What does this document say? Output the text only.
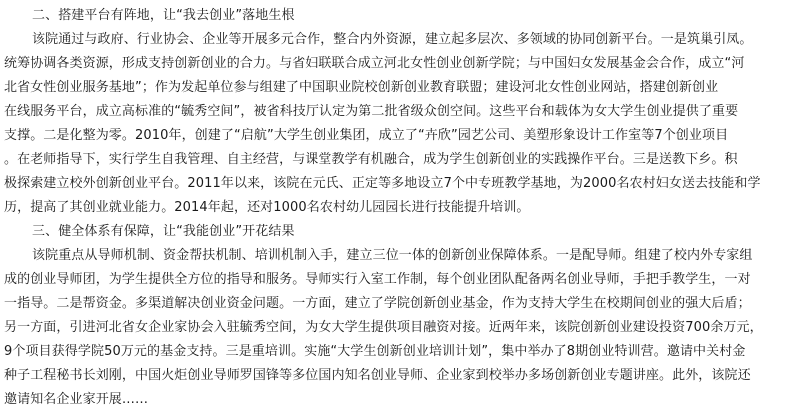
二、搭建平台有阵地，让“我去创业”落地生根
该院通过与政府、行业协会、企业等开展多元合作，整合内外资源，建立起多层次、多领域的协同创新平台。一是筑巢引凤。
统筹协调各类资源，形成支持创新创业的合力。与省妇联联合成立河北女性创业创新学院；与中国妇女发展基金会合作，成立“河
北省女性创业服务基地”；作为发起单位参与组建了中国职业院校创新创业教育联盟；建设河北女性创业网站，搭建创新创业
在线服务平台，成立高标准的“毓秀空间”，被省科技厅认定为第二批省级众创空间。这些平台和载体为女大学生创业提供了重要
支撑。二是化整为零。2010年，创建了“启航”大学生创业集团，成立了“卉欣”园艺公司、美塑形象设计工作室等7个创业项目
。在老师指导下，实行学生自我管理、自主经营，与课堂教学有机融合，成为学生创新创业的实践操作平台。三是送教下乡。积
极探索建立校外创新创业平台。2011年以来，该院在元氏、正定等多地设立7个中专班教学基地，为2000名农村妇女送去技能和学
历，提高了其创业就业能力。2014年起，还对1000名农村幼儿园园长进行技能提升培训。
三、健全体系有保障，让“我能创业”开花结果
该院重点从导师机制、资金帮扶机制、培训机制入手，建立三位一体的创新创业保障体系。一是配导师。组建了校内外专家组
成的创业导师团，为学生提供全方位的指导和服务。导师实行入室工作制，每个创业团队配备两名创业导师，手把手教学生，一对
一指导。二是帮资金。多渠道解决创业资金问题。一方面，建立了学院创新创业基金，作为支持大学生在校期间创业的强大后盾；
另一方面，引进河北省女企业家协会入驻毓秀空间，为女大学生提供项目融资对接。近两年来，该院创新创业建设投资700余万元，
9个项目获得学院50万元的基金支持。三是重培训。实施“大学生创新创业培训计划”，集中举办了8期创业特训营。邀请中关村金
种子工程秘书长刘刚，中国火炬创业导师罗国锋等多位国内知名创业导师、企业家到校举办多场创新创业专题讲座。此外，该院还
邀请知名企业家开展……
